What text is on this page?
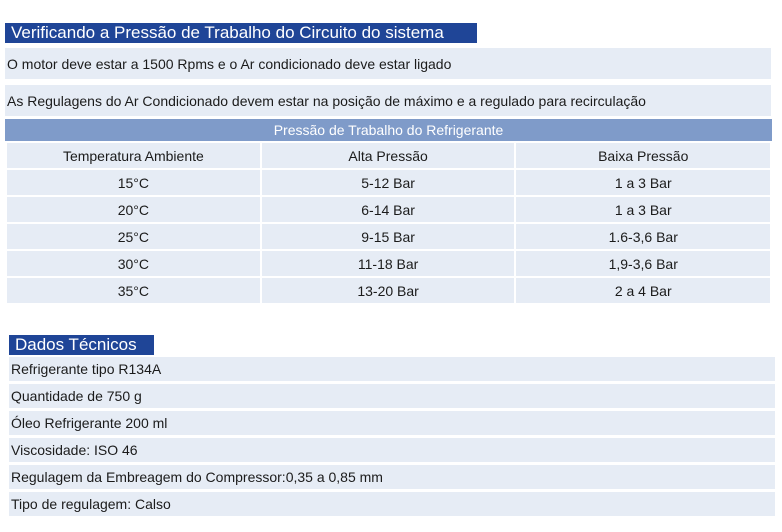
Verificando a Pressão de Trabalho do Circuito do sistema
O motor deve estar a 1500 Rpms e o Ar condicionado deve estar ligado
As Regulagens do Ar Condicionado devem estar na posição de máximo e a regulado para recirculação
Pressão de Trabalho do Refrigerante
Temperatura Ambiente	Alta Pressão	Baixa Pressão
15°C	5-12 Bar	1 a 3 Bar
20°C	6-14 Bar	1 a 3 Bar
25°C	9-15 Bar	1.6-3,6 Bar
30°C	11-18 Bar	1,9-3,6 Bar
35°C	13-20 Bar	2 a 4 Bar
Dados Técnicos
Refrigerante tipo R134A
Quantidade de 750 g
Óleo Refrigerante 200 ml
Viscosidade: ISO 46
Regulagem da Embreagem do Compressor:0,35 a 0,85 mm
Tipo de regulagem: Calso
